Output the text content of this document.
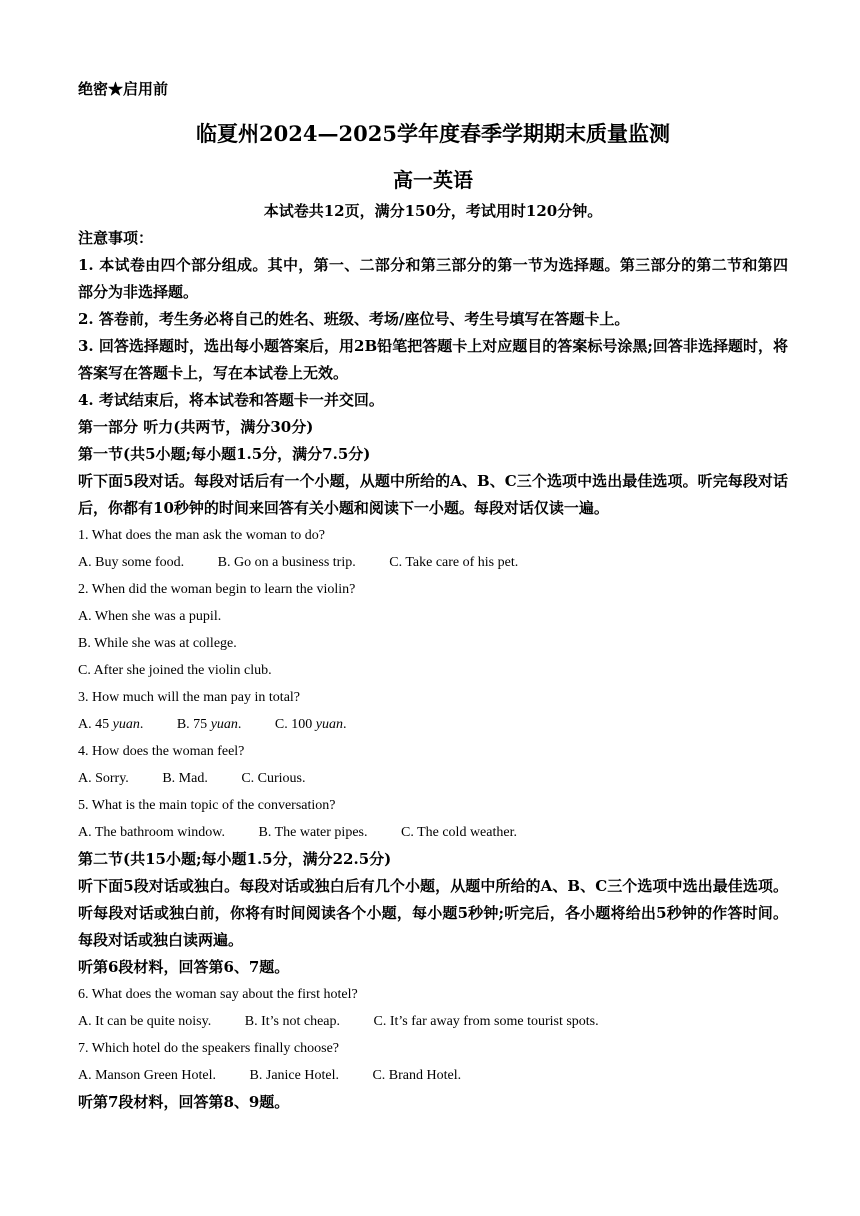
绝密★启用前
临夏州2024—2025学年度春季学期期末质量监测
高一英语
本试卷共12页，满分150分，考试用时120分钟。
注意事项：
1. 本试卷由四个部分组成。其中，第一、二部分和第三部分的第一节为选择题。第三部分的第二节和第四部分为非选择题。
2. 答卷前，考生务必将自己的姓名、班级、考场/座位号、考生号填写在答题卡上。
3. 回答选择题时，选出每小题答案后，用2B铅笔把答题卡上对应题目的答案标号涂黑;回答非选择题时，将答案写在答题卡上，写在本试卷上无效。
4. 考试结束后，将本试卷和答题卡一并交回。
第一部分 听力(共两节，满分30分)
第一节(共5小题;每小题1.5分，满分7.5分)
听下面5段对话。每段对话后有一个小题，从题中所给的A、B、C三个选项中选出最佳选项。听完每段对话后，你都有10秒钟的时间来回答有关小题和阅读下一小题。每段对话仅读一遍。
1. What does the man ask the woman to do?
A. Buy some food. B. Go on a business trip. C. Take care of his pet.
2. When did the woman begin to learn the violin?
A. When she was a pupil.
B. While she was at college.
C. After she joined the violin club.
3. How much will the man pay in total?
A. 45 yuan. B. 75 yuan. C. 100 yuan.
4. How does the woman feel?
A. Sorry. B. Mad. C. Curious.
5. What is the main topic of the conversation?
A. The bathroom window. B. The water pipes. C. The cold weather.
第二节(共15小题;每小题1.5分，满分22.5分)
听下面5段对话或独白。每段对话或独白后有几个小题，从题中所给的A、B、C三个选项中选出最佳选项。听每段对话或独白前，你将有时间阅读各个小题，每小题5秒钟;听完后，各小题将给出5秒钟的作答时间。每段对话或独白读两遍。
听第6段材料，回答第6、7题。
6. What does the woman say about the first hotel?
A. It can be quite noisy. B. It’s not cheap. C. It’s far away from some tourist spots.
7. Which hotel do the speakers finally choose?
A. Manson Green Hotel. B. Janice Hotel. C. Brand Hotel.
听第7段材料，回答第8、9题。
